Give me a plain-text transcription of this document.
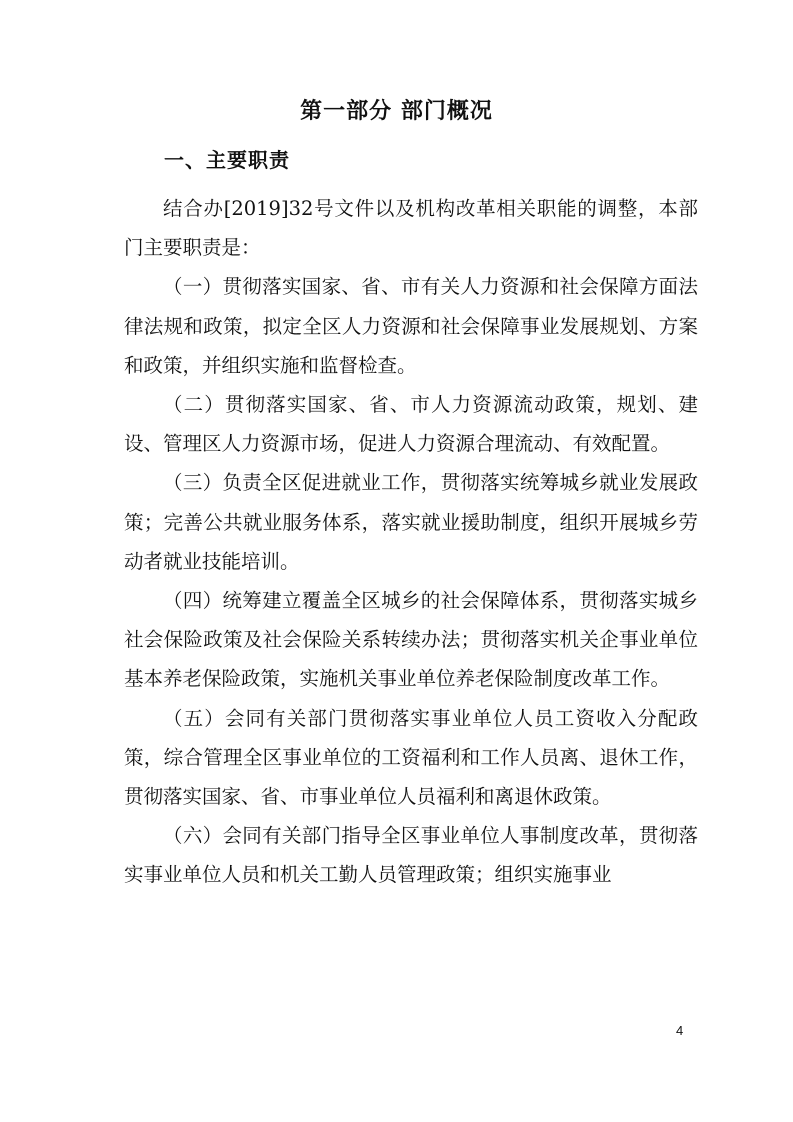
第一部分 部门概况
一、主要职责

结合办[2019]32号文件以及机构改革相关职能的调整，本部门主要职责是：

（一）贯彻落实国家、省、市有关人力资源和社会保障方面法律法规和政策，拟定全区人力资源和社会保障事业发展规划、方案和政策，并组织实施和监督检查。

（二）贯彻落实国家、省、市人力资源流动政策，规划、建设、管理区人力资源市场，促进人力资源合理流动、有效配置。

（三）负责全区促进就业工作，贯彻落实统筹城乡就业发展政策；完善公共就业服务体系，落实就业援助制度，组织开展城乡劳动者就业技能培训。

（四）统筹建立覆盖全区城乡的社会保障体系，贯彻落实城乡社会保险政策及社会保险关系转续办法；贯彻落实机关企事业单位基本养老保险政策，实施机关事业单位养老保险制度改革工作。

（五）会同有关部门贯彻落实事业单位人员工资收入分配政策，综合管理全区事业单位的工资福利和工作人员离、退休工作，贯彻落实国家、省、市事业单位人员福利和离退休政策。

（六）会同有关部门指导全区事业单位人事制度改革，贯彻落实事业单位人员和机关工勤人员管理政策；组织实施事业

4
